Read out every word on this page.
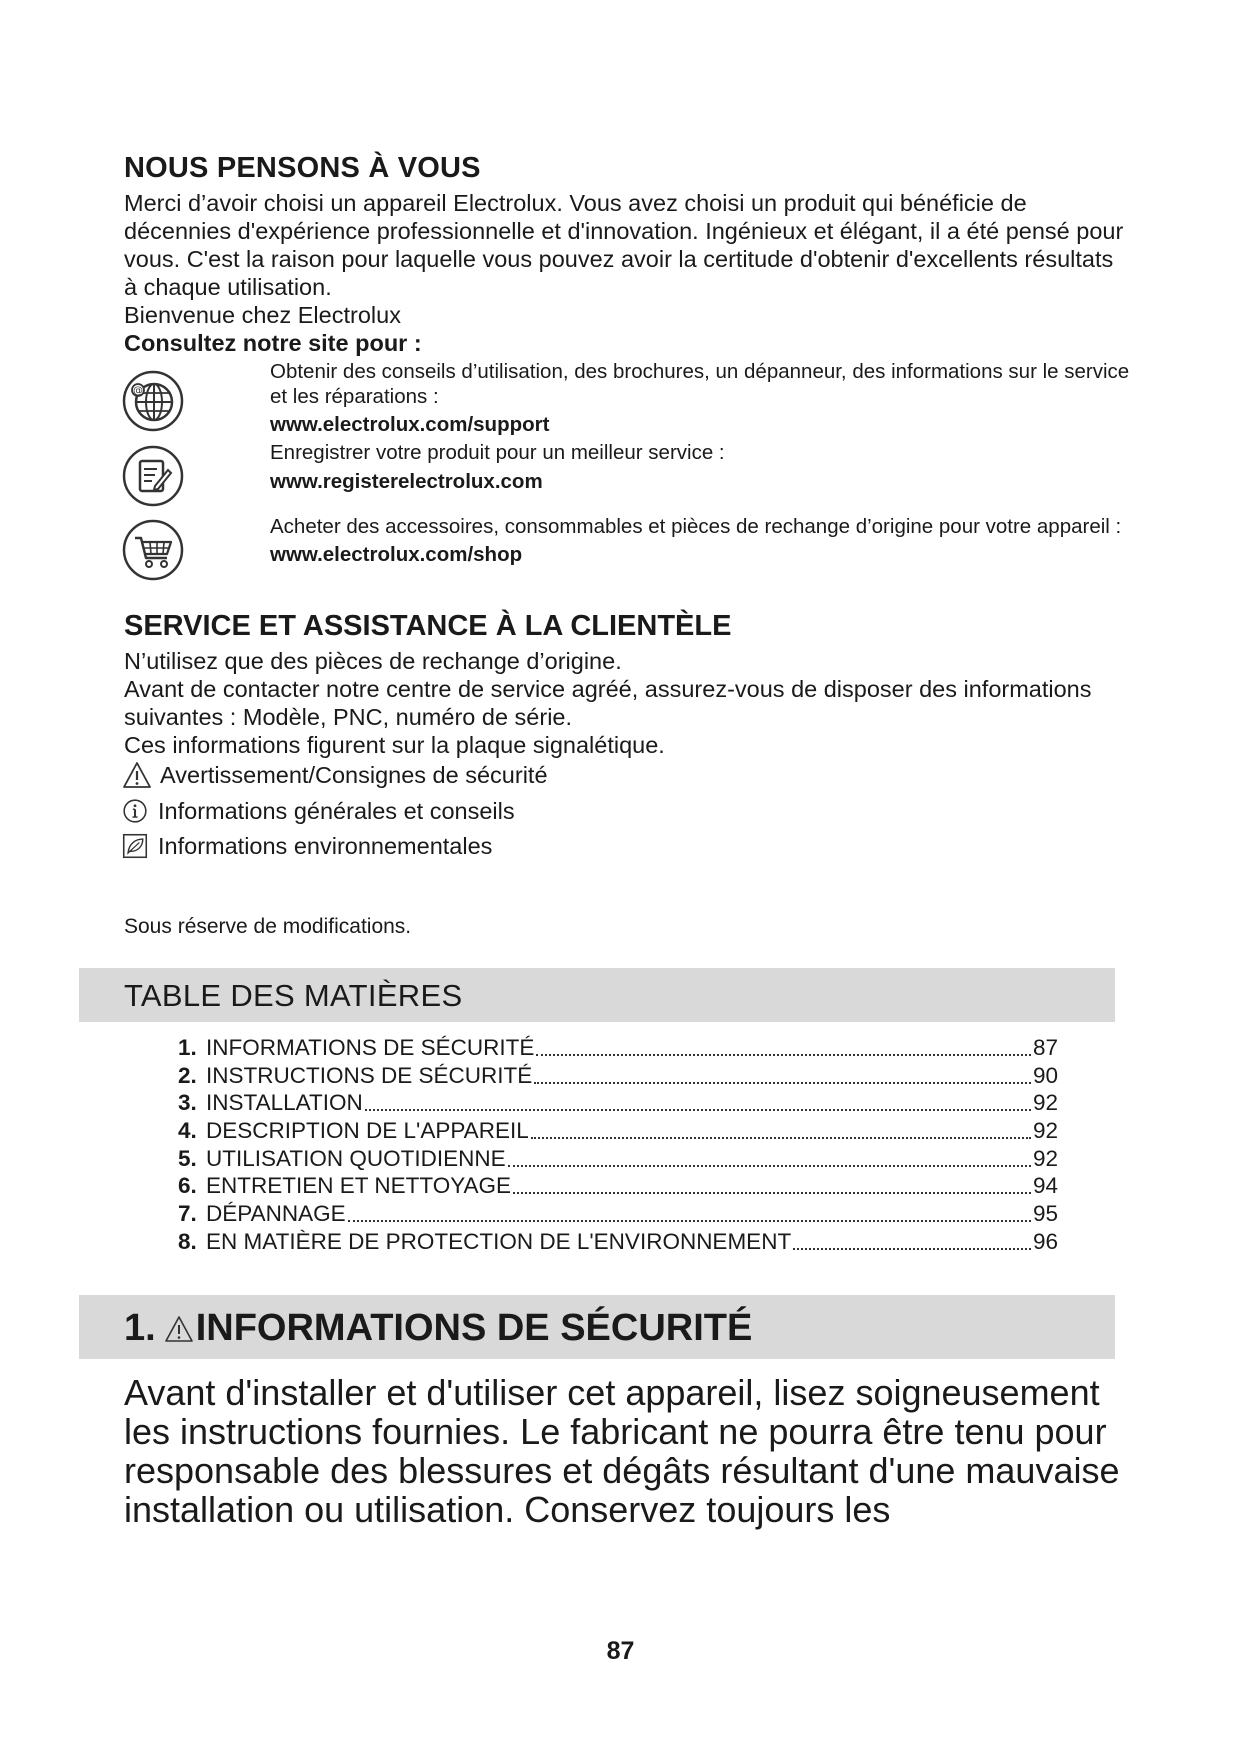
NOUS PENSONS À VOUS

Merci d’avoir choisi un appareil Electrolux. Vous avez choisi un produit qui bénéficie de décennies d'expérience professionnelle et d'innovation. Ingénieux et élégant, il a été pensé pour vous. C'est la raison pour laquelle vous pouvez avoir la certitude d'obtenir d'excellents résultats à chaque utilisation.

Bienvenue chez Electrolux

Consultez notre site pour :

@
Obtenir des conseils d’utilisation, des brochures, un dépanneur, des informations sur le service et les réparations :
www.electrolux.com/support
Enregistrer votre produit pour un meilleur service :
www.registerelectrolux.com
Acheter des accessoires, consommables et pièces de rechange d’origine pour votre appareil :
www.electrolux.com/shop
SERVICE ET ASSISTANCE À LA CLIENTÈLE

N’utilisez que des pièces de rechange d’origine.

Avant de contacter notre centre de service agréé, assurez-vous de disposer des informations suivantes : Modèle, PNC, numéro de série.

Ces informations figurent sur la plaque signalétique.

Avertissement/Consignes de sécurité
Informations générales et conseils
Informations environnementales
Sous réserve de modifications.
TABLE DES MATIÈRES
1. INFORMATIONS DE SÉCURITÉ	87
2. INSTRUCTIONS DE SÉCURITÉ	90
3. INSTALLATION	92
4. DESCRIPTION DE L'APPAREIL	92
5. UTILISATION QUOTIDIENNE	92
6. ENTRETIEN ET NETTOYAGE	94
7. DÉPANNAGE	95
8. EN MATIÈRE DE PROTECTION DE L'ENVIRONNEMENT	96
1. INFORMATIONS DE SÉCURITÉ

Avant d'installer et d'utiliser cet appareil, lisez soigneusement les instructions fournies. Le fabricant ne pourra être tenu pour responsable des blessures et dégâts résultant d'une mauvaise installation ou utilisation. Conservez toujours les

87
